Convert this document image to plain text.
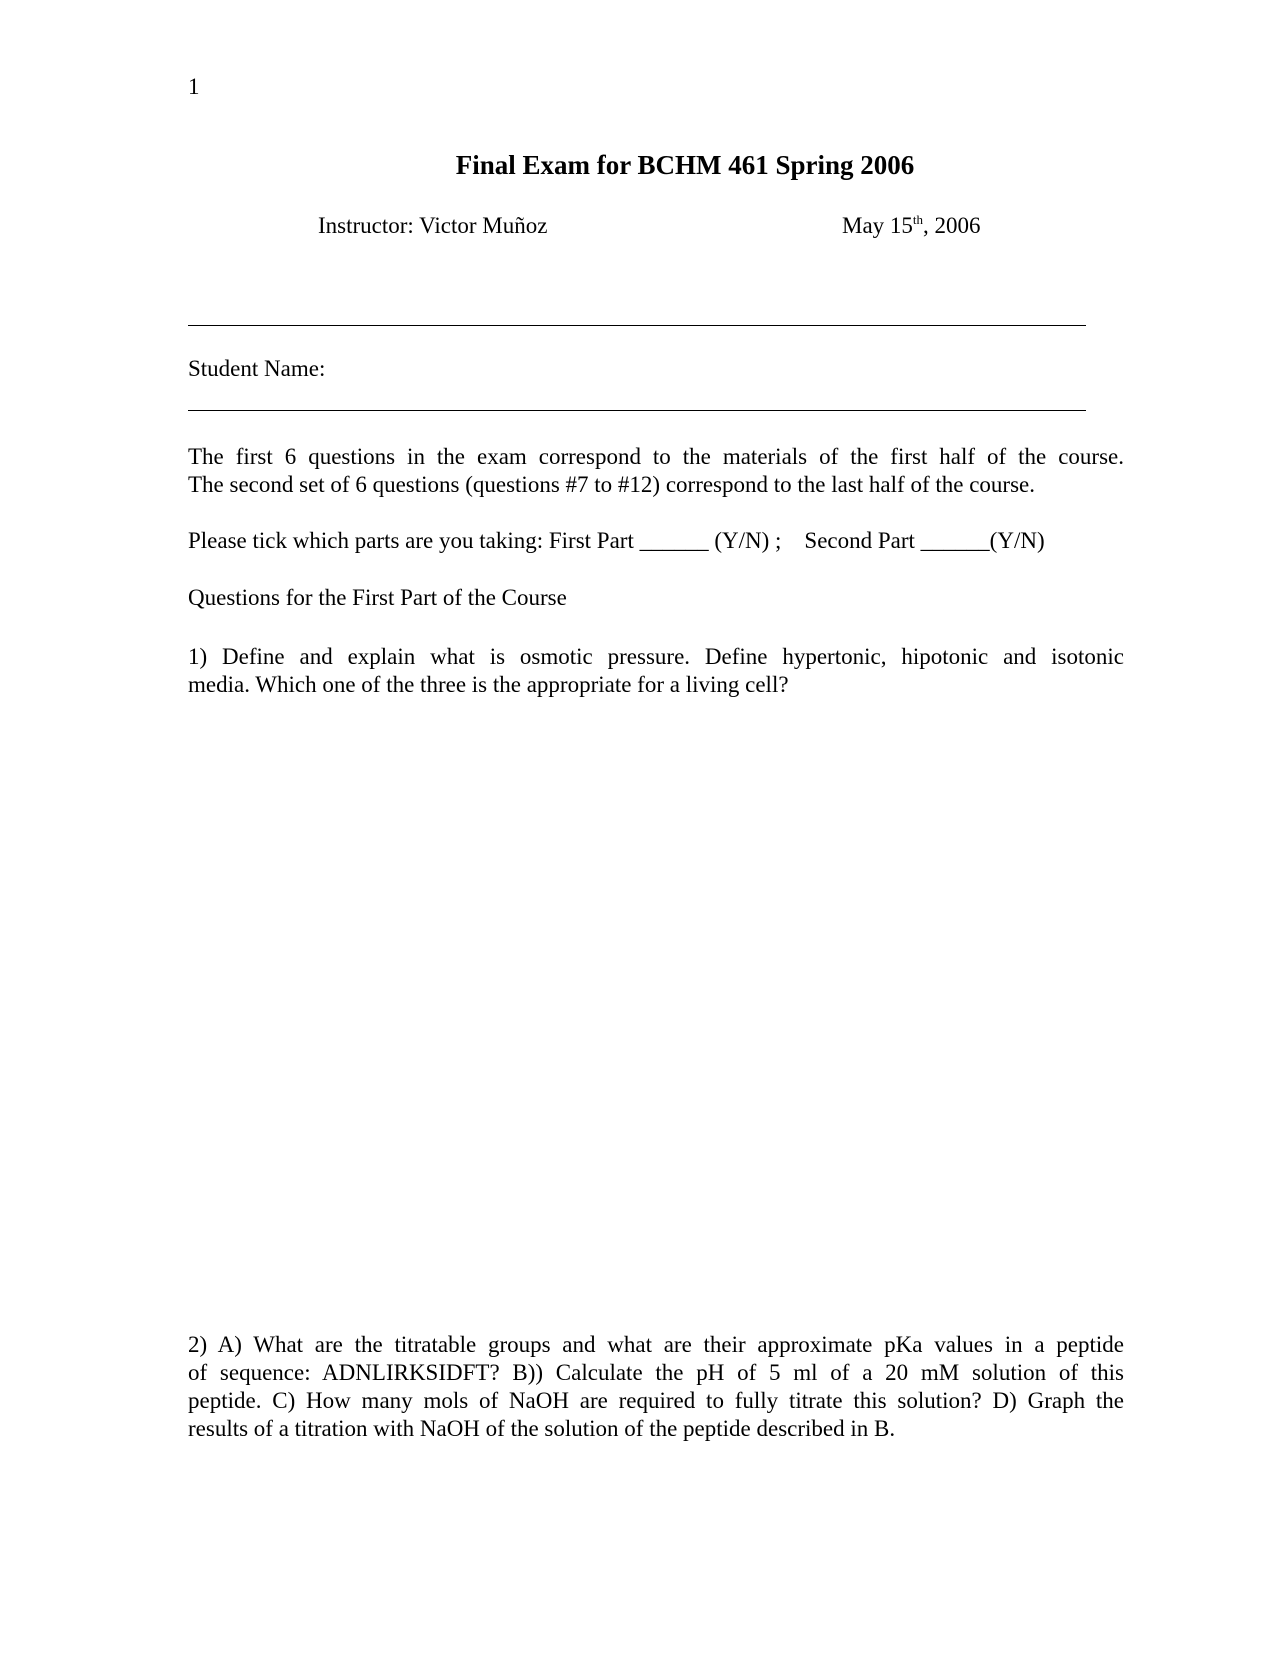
1
Final Exam for BCHM 461 Spring 2006
Instructor: Victor Muñoz	May 15th, 2006
Student Name:
The first 6 questions in the exam correspond to the materials of the first half of the course.
The second set of 6 questions (questions #7 to #12) correspond to the last half of the course.
Please tick which parts are you taking: First Part ______ (Y/N) ;    Second Part ______(Y/N)
Questions for the First Part of the Course
1) Define and explain what is osmotic pressure. Define hypertonic, hipotonic and isotonic
media. Which one of the three is the appropriate for a living cell?
2) A) What are the titratable groups and what are their approximate pKa values in a peptide
of sequence: ADNLIRKSIDFT? B)) Calculate the pH of 5 ml of a 20 mM solution of this
peptide. C) How many mols of NaOH are required to fully titrate this solution? D) Graph the
results of a titration with NaOH of the solution of the peptide described in B.
